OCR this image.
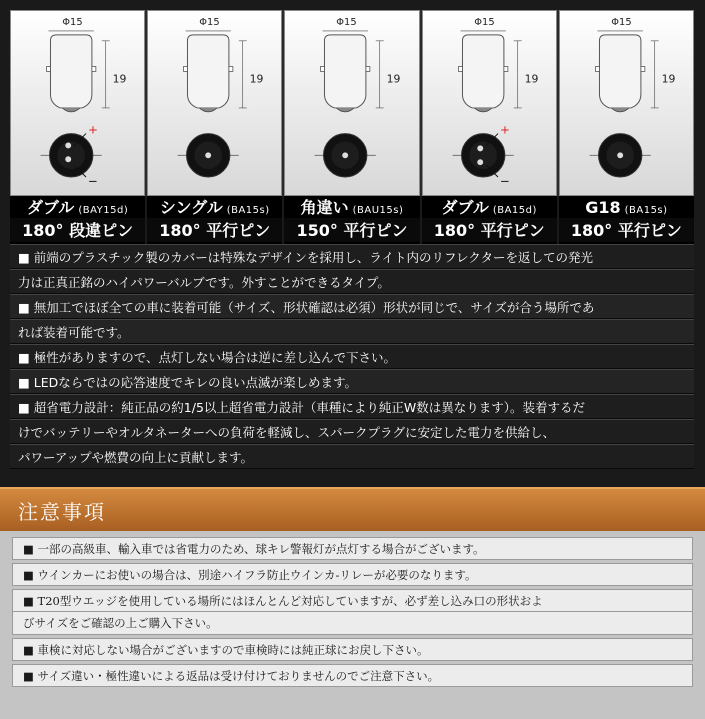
Φ15
19
+
−
Φ15
19
Φ15
19
Φ15
19
+
−
Φ15
19
ダブル (BAY15d)
180° 段違ピン
シングル (BA15s)
180° 平行ピン
角違い (BAU15s)
150° 平行ピン
ダブル (BA15d)
180° 平行ピン
G18 (BA15s)
180° 平行ピン
■ 前端のプラスチック製のカバーは特殊なデザインを採用し、ライト内のリフレクターを返しての発光
力は正真正銘のハイパワーバルブです。外すことができるタイプ。
■ 無加工でほぼ全ての車に装着可能（サイズ、形状確認は必須）形状が同じで、サイズが合う場所であ
れば装着可能です。
■ 極性がありますので、点灯しない場合は逆に差し込んで下さい。
■ LEDならではの応答速度でキレの良い点滅が楽しめます。
■ 超省電力設計：純正品の約1/5以上超省電力設計（車種により純正W数は異なります）。装着するだ
けでバッテリーやオルタネーターへの負荷を軽減し、スパークプラグに安定した電力を供給し、
パワーアップや燃費の向上に貢献します。
注意事項
■ 一部の高級車、輸入車では省電力のため、球キレ警報灯が点灯する場合がございます。
■ ウインカーにお使いの場合は、別途ハイフラ防止ウインカ-リレーが必要のなります。
■ T20型ウエッジを使用している場所にはほんとんど対応していますが、必ず差し込み口の形状およ
びサイズをご確認の上ご購入下さい。
■ 車検に対応しない場合がございますので車検時には純正球にお戻し下さい。
■ サイズ違い・極性違いによる返品は受け付けておりませんのでご注意下さい。
